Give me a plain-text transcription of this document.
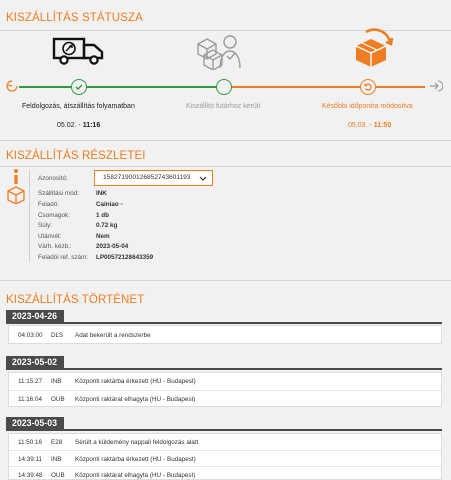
KISZÁLLÍTÁS STÁTUSZA
Feldolgozás, átszállítás folyamatban	Kiszállító futárhoz került	Későbbi időpontra módosítva
05.02. - 11:16	05.03. - 11:50
KISZÁLLÍTÁS RÉSZLETEI
Azonosító:	158271900126852743601193
Szállítási mód:	INK
Feladó:	Cainiao -
Csomagok:	1 db
Súly:	0.72 kg
Utánvét:	Nem
Várh. kézb.:	2023-05-04
Feladói ref. szám: LP00572128643359
KISZÁLLÍTÁS TÖRTÉNET
2023-04-26
04:03:00 DLS Adat bekerült a rendszerbe
2023-05-02
11:15:27 INB Központi raktárba érkezett (HU - Budapest)
11:16:04 OUB Központi raktárat elhagyta (HU - Budapest)
2023-05-03
11:50:16 E28 Sérült a küldemény nappali feldolgozás alatt
14:39:11 INB Központi raktárba érkezett (HU - Budapest)
14:39:48 OUB Központi raktárat elhagyta (HU - Budapest)
